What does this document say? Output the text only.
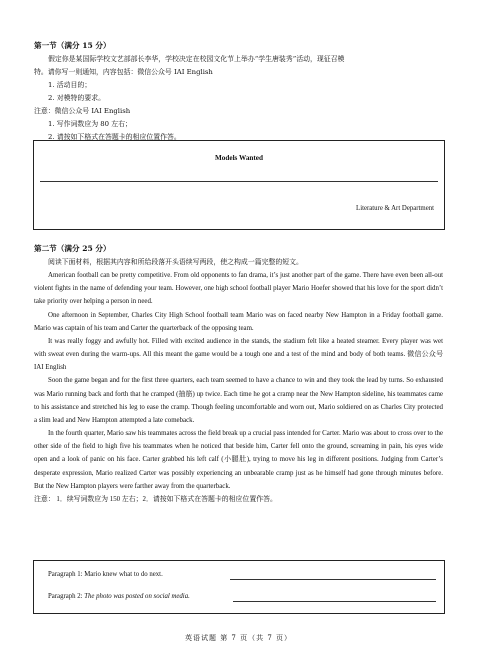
第一节（满分 15 分）
假定你是某国际学校文艺部部长李华，学校决定在校园文化节上举办“学生唐装秀”活动，现征召模
特。请你写一则通知，内容包括：微信公众号 IAI English
1. 活动目的；
2. 对模特的要求。
注意：微信公众号 IAI English
1. 写作词数应为 80 左右；
2. 请按如下格式在答题卡的相应位置作答。
Models Wanted
Literature & Art Department
第二节（满分 25 分）
阅读下面材料，根据其内容和所给段落开头语续写两段，使之构成一篇完整的短文。
American football can be pretty competitive. From old opponents to fan drama, it’s just another part of the game. There have even been all-out violent fights in the name of defending your team. However, one high school football player Mario Hoefer showed that his love for the sport didn’t take priority over helping a person in need.
One afternoon in September, Charles City High School football team Mario was on faced nearby New Hampton in a Friday football game. Mario was captain of his team and Carter the quarterback of the opposing team.
It was really foggy and awfully hot. Filled with excited audience in the stands, the stadium felt like a heated steamer. Every player was wet with sweat even during the warm-ups. All this meant the game would be a tough one and a test of the mind and body of both teams. 微信公众号 IAI English
Soon the game began and for the first three quarters, each team seemed to have a chance to win and they took the lead by turns. So exhausted was Mario running back and forth that he cramped (抽筋) up twice. Each time he got a cramp near the New Hampton sideline, his teammates came to his assistance and stretched his leg to ease the cramp. Though feeling uncomfortable and worn out, Mario soldiered on as Charles City protected a slim lead and New Hampton attempted a late comeback.
In the fourth quarter, Mario saw his teammates across the field break up a crucial pass intended for Carter. Mario was about to cross over to the other side of the field to high five his teammates when he noticed that beside him, Carter fell onto the ground, screaming in pain, his eyes wide open and a look of panic on his face. Carter grabbed his left calf (小腿肚), trying to move his leg in different positions. Judging from Carter’s desperate expression, Mario realized Carter was possibly experiencing an unbearable cramp just as he himself had gone through minutes before. But the New Hampton players were farther away from the quarterback.
注意： 1．续写词数应为 150 左右；2．请按如下格式在答题卡的相应位置作答。
Paragraph 1: Mario knew what to do next.
Paragraph 2: The photo was posted on social media.
英语试题 第 7 页（共 7 页）
